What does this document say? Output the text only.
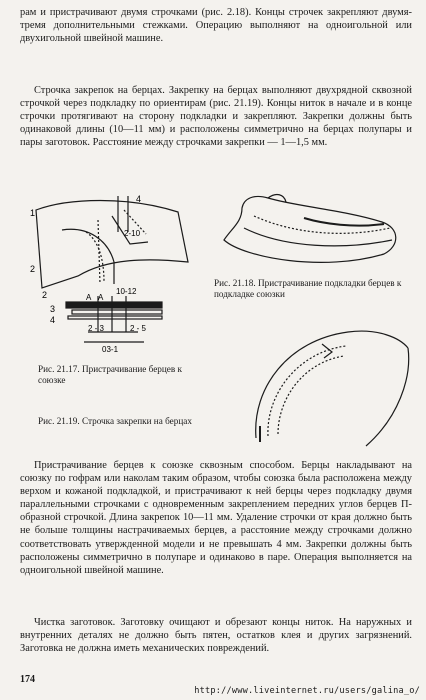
рам и пристрачивают двумя строчками (рис. 2.18). Концы строчек закрепляют двумя-тремя дополнительными стежками. Операцию выполняют на одноигольной или двухигольной швейной машине.

Строчка закрепок на берцах. Закрепку на берцах выполняют двухрядной сквозной строчкой через подкладку по ориентирам (рис. 21.19). Концы ниток в начале и в конце строчки протягивают на сторону подкладки и закрепляют. Закрепки должны быть одинаковой длины (10—11 мм) и расположены симметрично на берцах полупары и пары заготовок. Расстояние между строчками закрепки — 1—1,5 мм.

1
2
2-10
4
10-12
2	A A
3
4
2 - 3	2 - 5
03-1

Рис. 21.18. Пристрачивание подкладки берцев к подкладке союзки

Рис. 21.17. Пристрачивание берцев к союзке

Рис. 21.19. Строчка закрепки на берцах

Пристрачивание берцев к союзке сквозным способом. Берцы накладывают на союзку по гофрам или наколам таким образом, чтобы союзка была расположена между верхом и кожаной подкладкой, и пристрачивают к ней берцы через подкладку двумя параллельными строчками с одновременным закреплением передних углов берцев П-образной строчкой. Длина закрепок 10—11 мм. Удаление строчки от края должно быть не больше толщины настрачиваемых берцев, а расстояние между строчками должно соответствовать утвержденной модели и не превышать 4 мм. Закрепки должны быть расположены симметрично в полупаре и одинаково в паре. Операция выполняется на одноигольной швейной машине.

Чистка заготовок. Заготовку очищают и обрезают концы ниток. На наружных и внутренних деталях не должно быть пятен, остатков клея и других загрязнений. Заготовка не должна иметь механических повреждений.

174
http://www.liveinternet.ru/users/galina_o/
